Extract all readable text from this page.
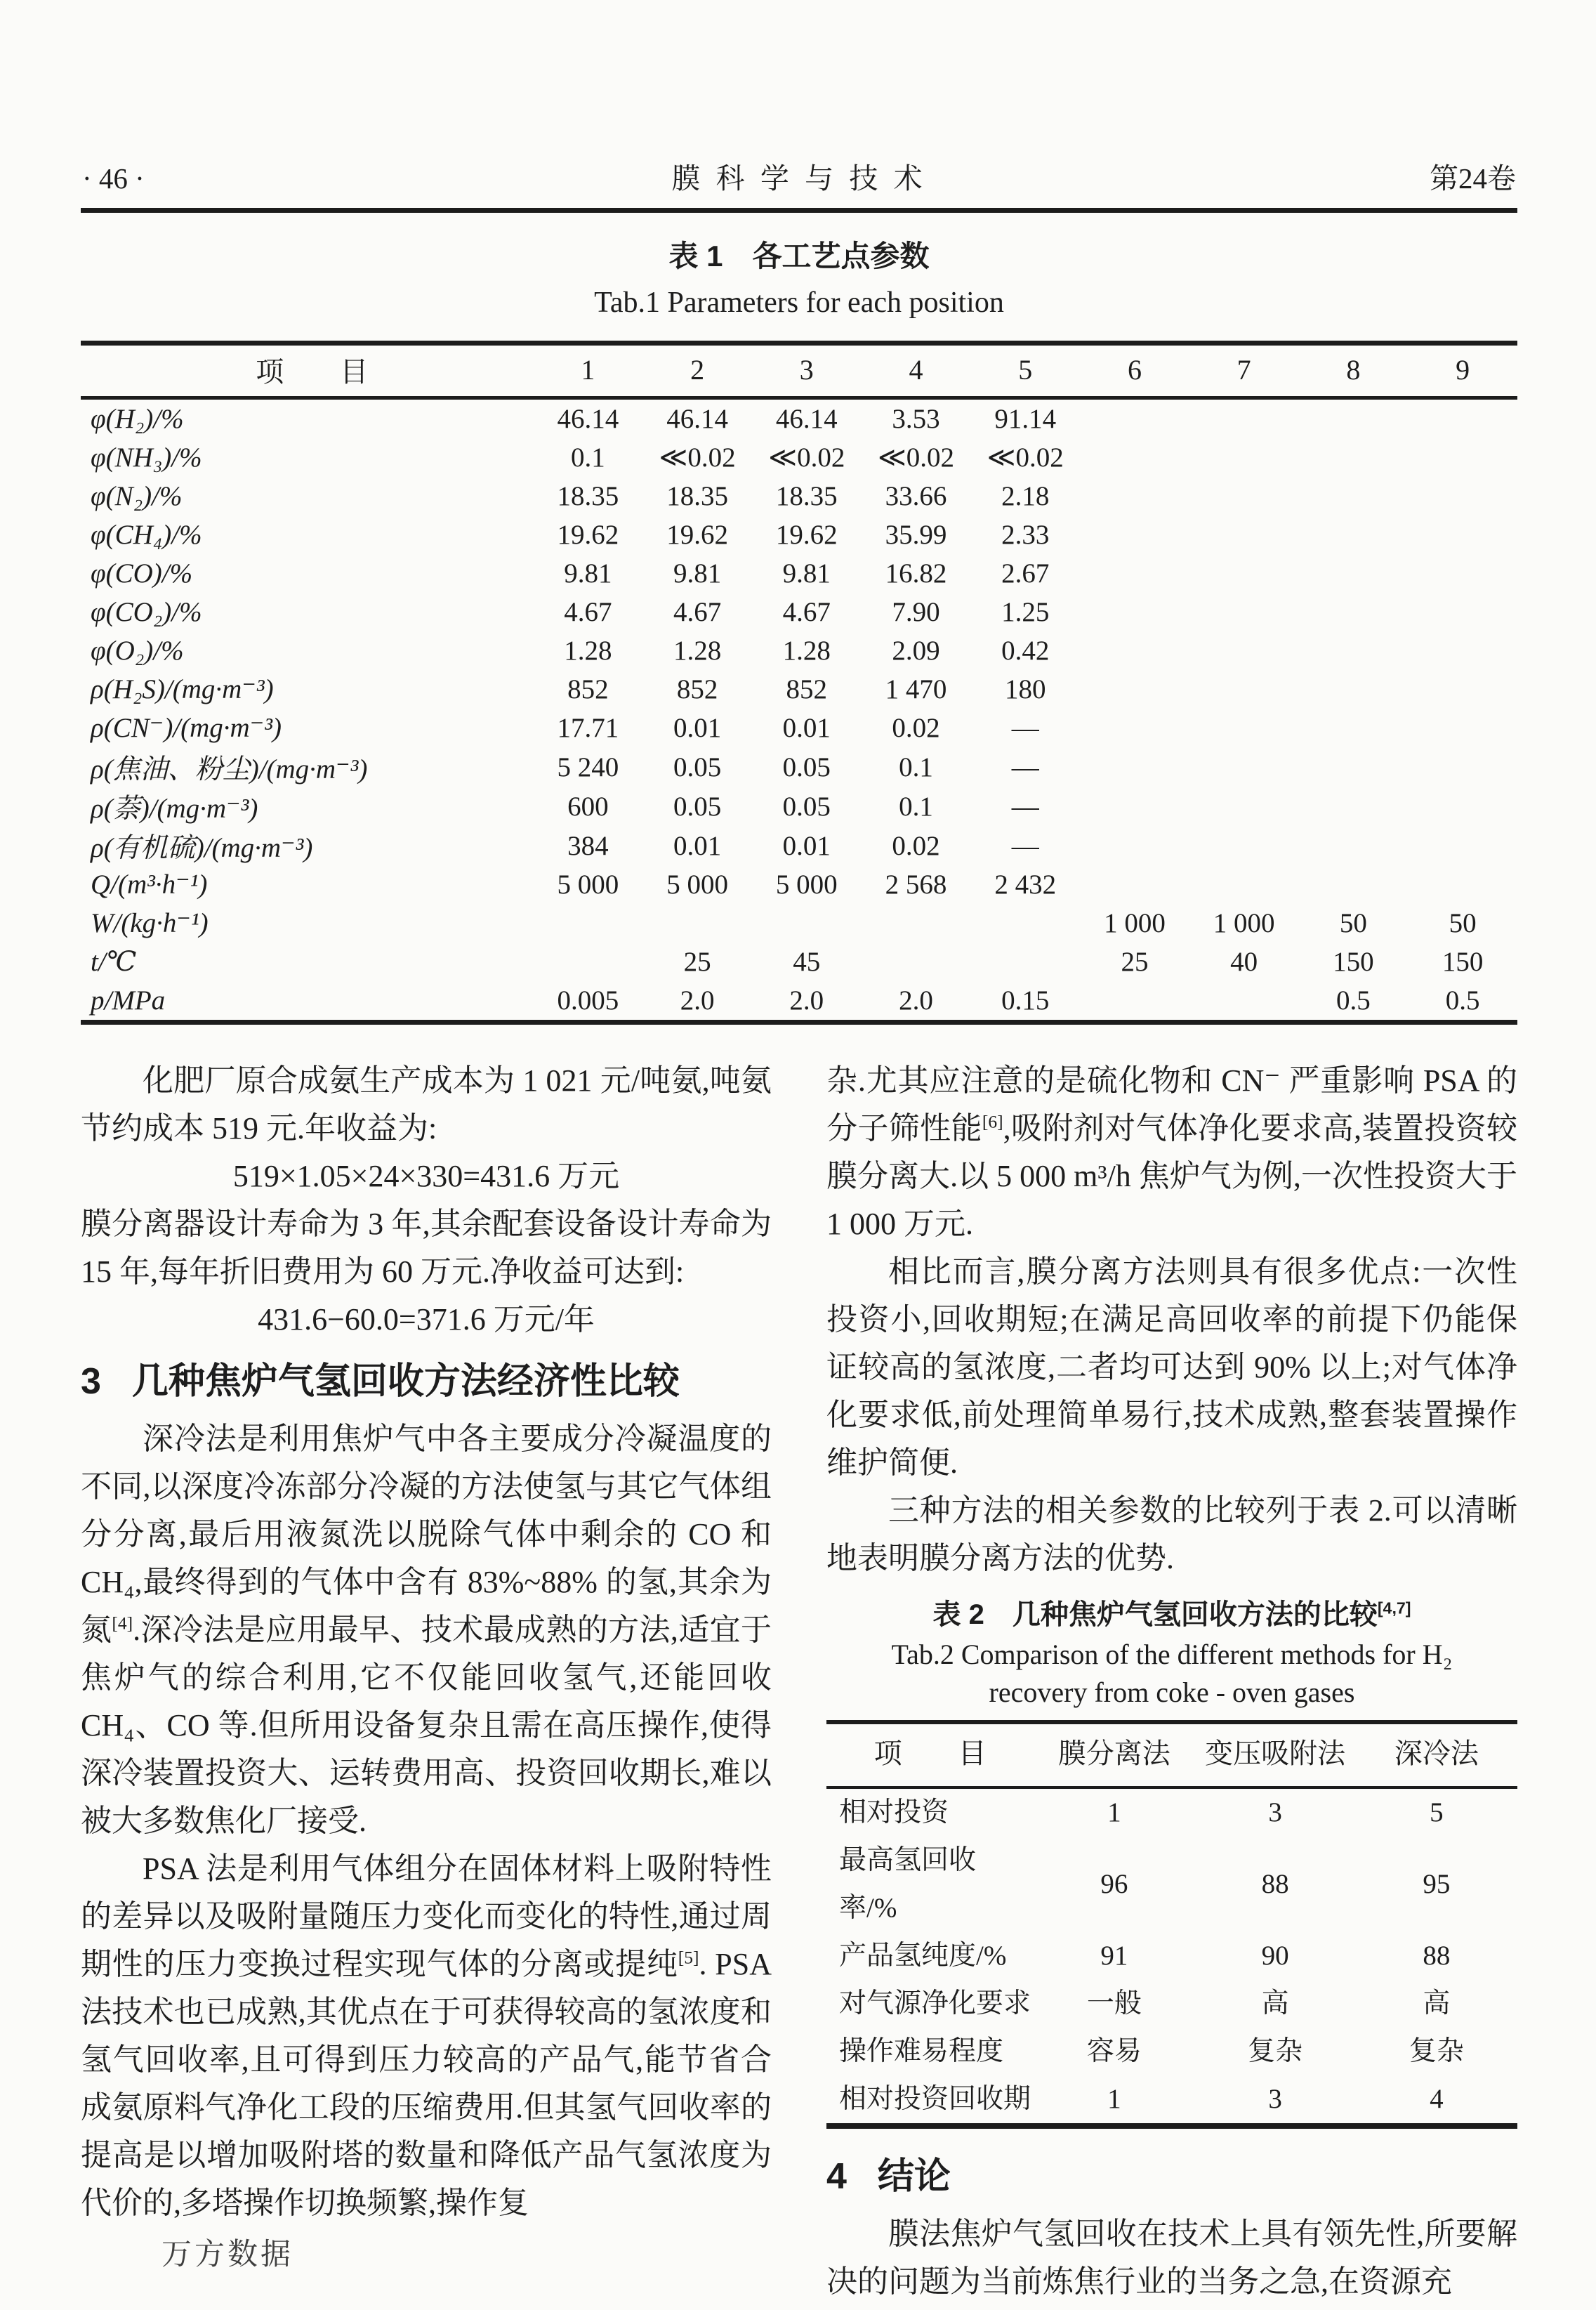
· 46 ·	膜 科 学 与 技 术	第24卷
表 1　各工艺点参数
Tab.1 Parameters for each position
项　　目	1	2	3	4	5	6	7	8	9
φ(H₂)/%	46.14	46.14	46.14	3.53	91.14				
φ(NH₃)/%	0.1	≪0.02	≪0.02	≪0.02	≪0.02				
φ(N₂)/%	18.35	18.35	18.35	33.66	2.18				
φ(CH₄)/%	19.62	19.62	19.62	35.99	2.33				
φ(CO)/%	9.81	9.81	9.81	16.82	2.67				
φ(CO₂)/%	4.67	4.67	4.67	7.90	1.25				
φ(O₂)/%	1.28	1.28	1.28	2.09	0.42				
ρ(H₂S)/(mg·m⁻³)	852	852	852	1 470	180				
ρ(CN⁻)/(mg·m⁻³)	17.71	0.01	0.01	0.02	—				
ρ(焦油、粉尘)/(mg·m⁻³)	5 240	0.05	0.05	0.1	—				
ρ(萘)/(mg·m⁻³)	600	0.05	0.05	0.1	—				
ρ(有机硫)/(mg·m⁻³)	384	0.01	0.01	0.02	—				
Q/(m³·h⁻¹)	5 000	5 000	5 000	2 568	2 432				
W/(kg·h⁻¹)						1 000	1 000	50	50
t/℃		25	45			25	40	150	150
p/MPa	0.005	2.0	2.0	2.0	0.15			0.5	0.5

化肥厂原合成氨生产成本为 1 021 元/吨氨,吨氨节约成本 519 元.年收益为:

519×1.05×24×330=431.6 万元

膜分离器设计寿命为 3 年,其余配套设备设计寿命为 15 年,每年折旧费用为 60 万元.净收益可达到:

431.6−60.0=371.6 万元/年

3 几种焦炉气氢回收方法经济性比较

深冷法是利用焦炉气中各主要成分冷凝温度的不同,以深度冷冻部分冷凝的方法使氢与其它气体组分分离,最后用液氮洗以脱除气体中剩余的 CO 和 CH₄,最终得到的气体中含有 83%~88% 的氢,其余为氮[4].深冷法是应用最早、技术最成熟的方法,适宜于焦炉气的综合利用,它不仅能回收氢气,还能回收 CH₄、CO 等.但所用设备复杂且需在高压操作,使得深冷装置投资大、运转费用高、投资回收期长,难以被大多数焦化厂接受.

PSA 法是利用气体组分在固体材料上吸附特性的差异以及吸附量随压力变化而变化的特性,通过周期性的压力变换过程实现气体的分离或提纯[5]. PSA 法技术也已成熟,其优点在于可获得较高的氢浓度和氢气回收率,且可得到压力较高的产品气,能节省合成氨原料气净化工段的压缩费用.但其氢气回收率的提高是以增加吸附塔的数量和降低产品气氢浓度为代价的,多塔操作切换频繁,操作复

杂.尤其应注意的是硫化物和 CN⁻ 严重影响 PSA 的分子筛性能[6],吸附剂对气体净化要求高,装置投资较膜分离大.以 5 000 m³/h 焦炉气为例,一次性投资大于 1 000 万元.

相比而言,膜分离方法则具有很多优点:一次性投资小,回收期短;在满足高回收率的前提下仍能保证较高的氢浓度,二者均可达到 90% 以上;对气体净化要求低,前处理简单易行,技术成熟,整套装置操作维护简便.

三种方法的相关参数的比较列于表 2.可以清晰地表明膜分离方法的优势.

表 2　几种焦炉气氢回收方法的比较[4,7]
Tab.2 Comparison of the different methods for H₂
recovery from coke - oven gases
项　　目	膜分离法	变压吸附法	深冷法
相对投资	1	3	5
最高氢回收率/%	96	88	95
产品氢纯度/%	91	90	88
对气源净化要求	一般	高	高
操作难易程度	容易	复杂	复杂
相对投资回收期	1	3	4
4 结论

膜法焦炉气氢回收在技术上具有领先性,所要解决的问题为当前炼焦行业的当务之急,在资源充

万方数据
